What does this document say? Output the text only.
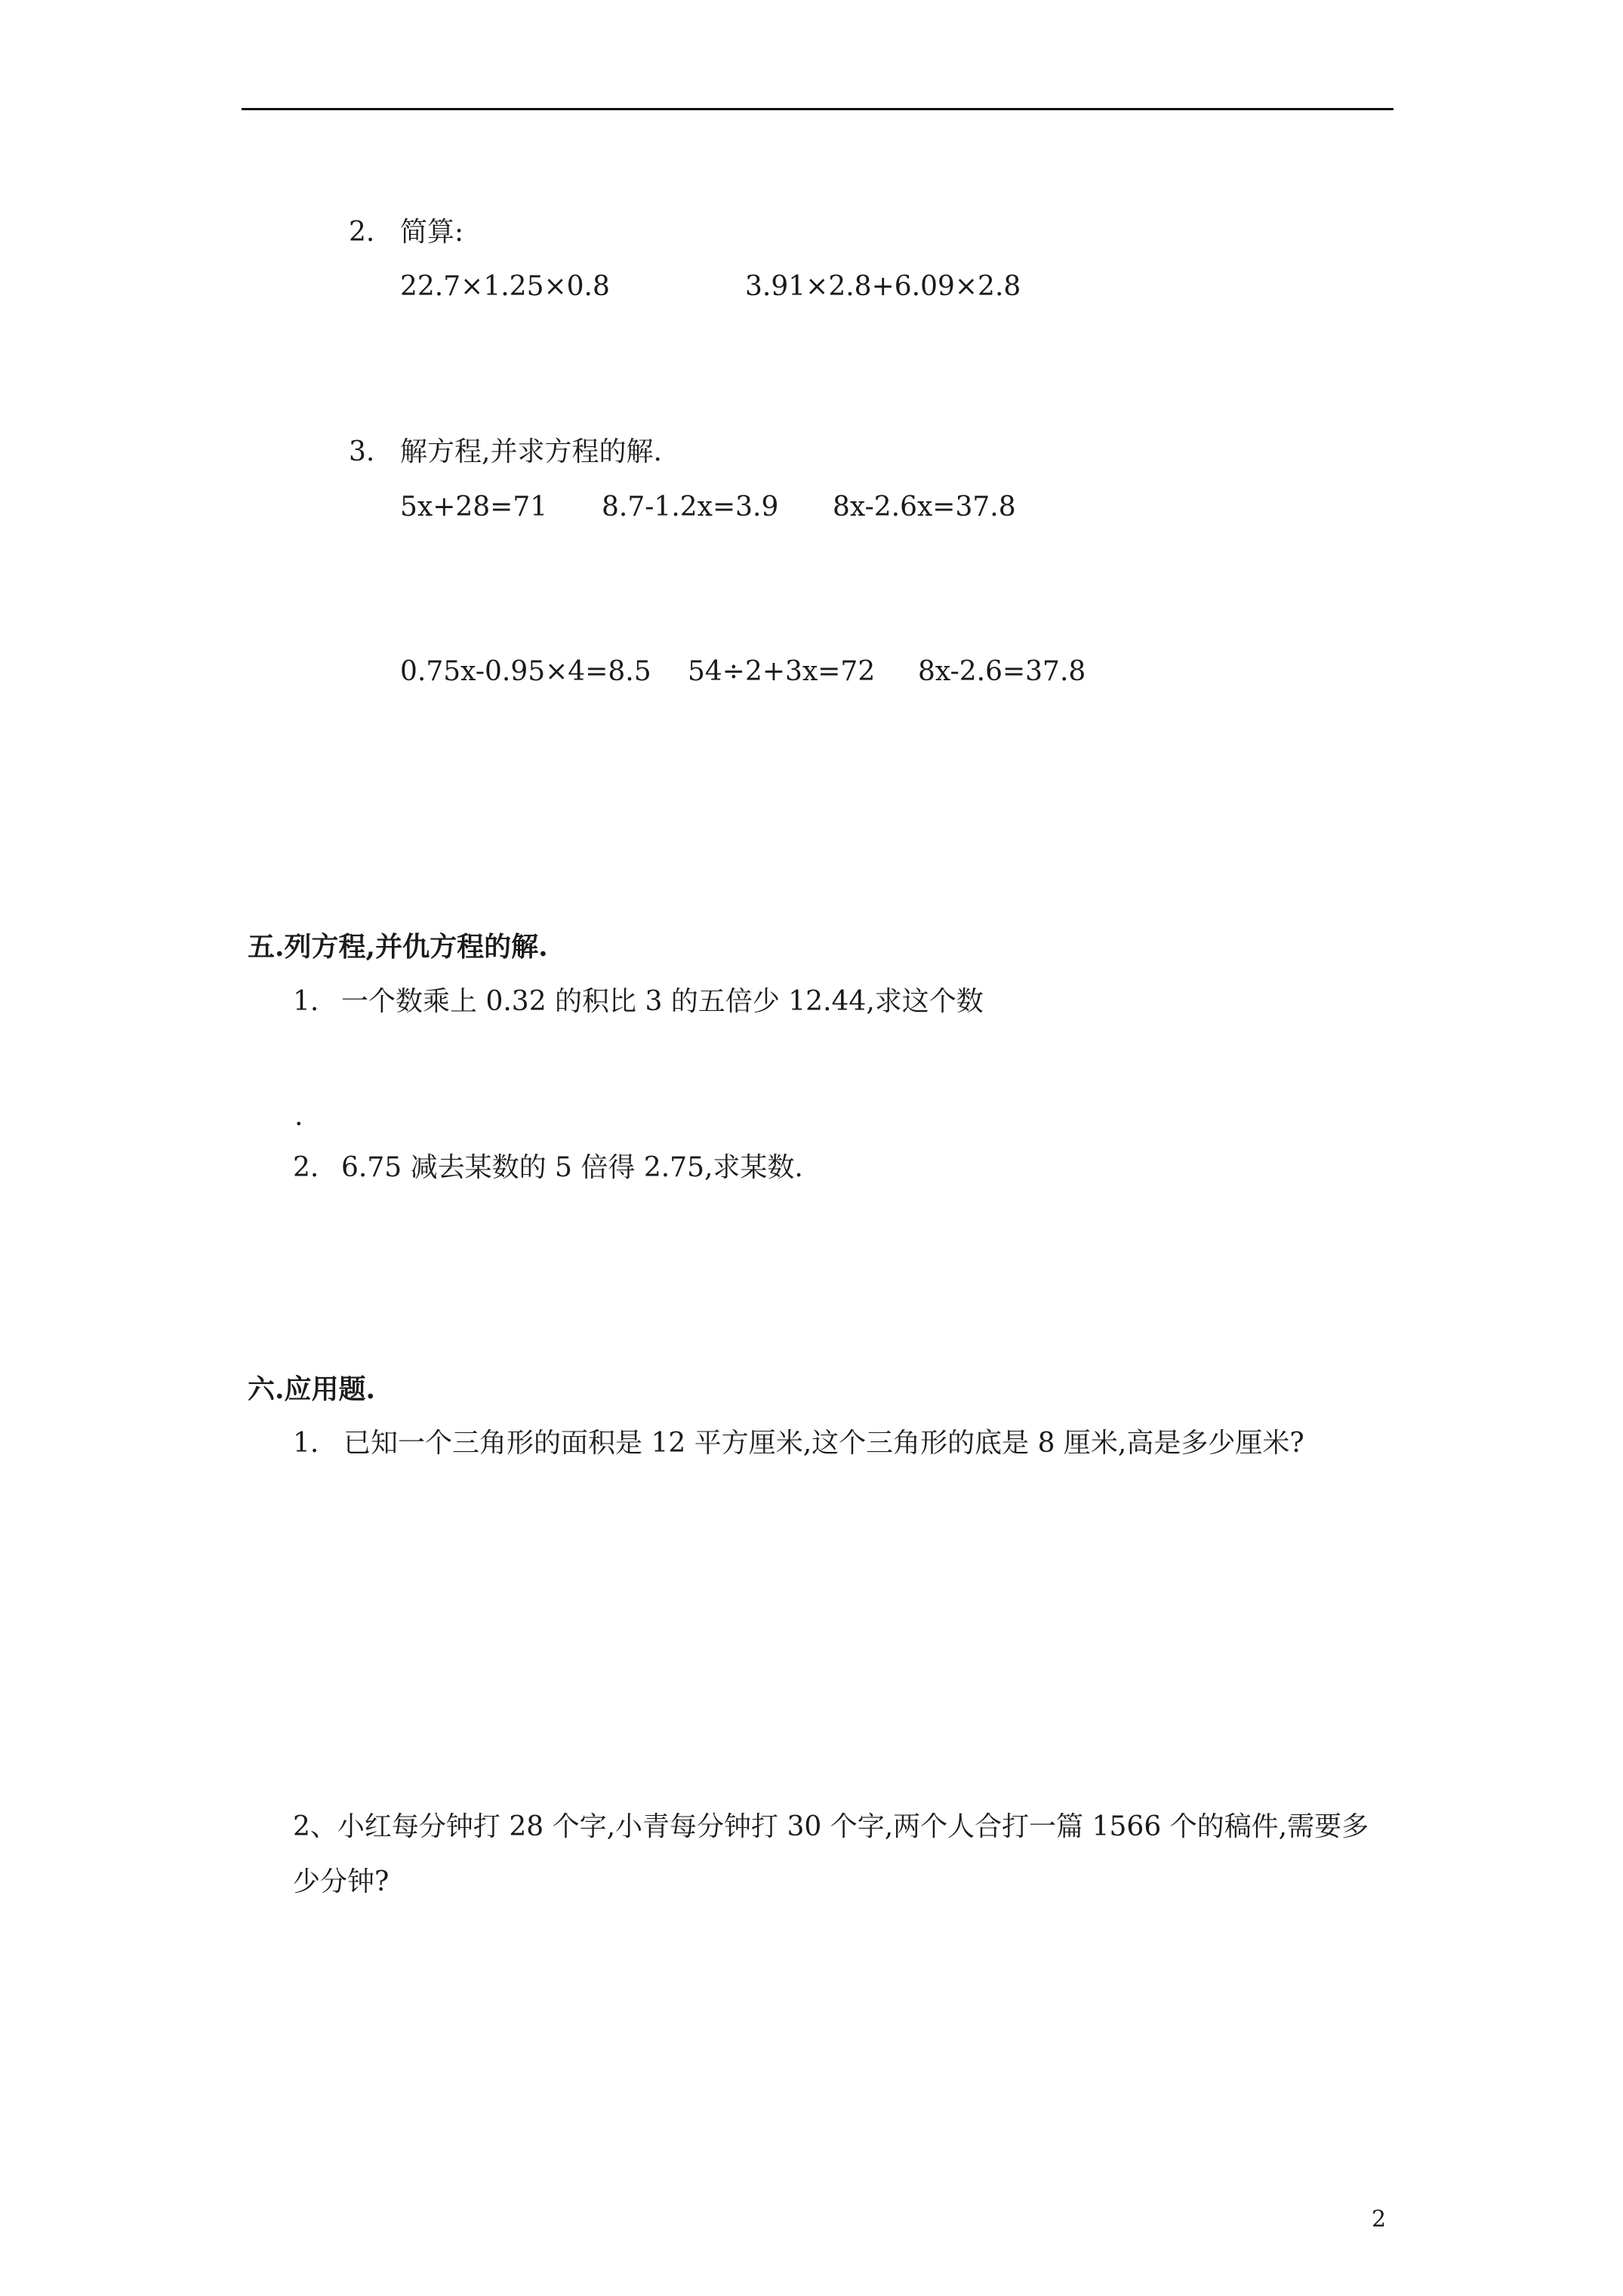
2. 简算:
22.7×1.25×0.8	3.91×2.8+6.09×2.8
3. 解方程,并求方程的解.
5x+28=71 8.7-1.2x=3.9 8x-2.6x=37.8
0.75x-0.95×4=8.5 54÷2+3x=72 8x-2.6=37.8
五.列方程,并仇方程的解.
1. 一个数乘上 0.32 的积比 3 的五倍少 12.44,求这个数
.
2. 6.75 减去某数的 5 倍得 2.75,求某数.
六.应用题.
1. 已知一个三角形的面积是 12 平方厘米,这个三角形的底是 8 厘米,高是多少厘米?
2、小红每分钟打 28 个字,小青每分钟打 30 个字,两个人合打一篇 1566 个的稿件,需要多
少分钟?
2
